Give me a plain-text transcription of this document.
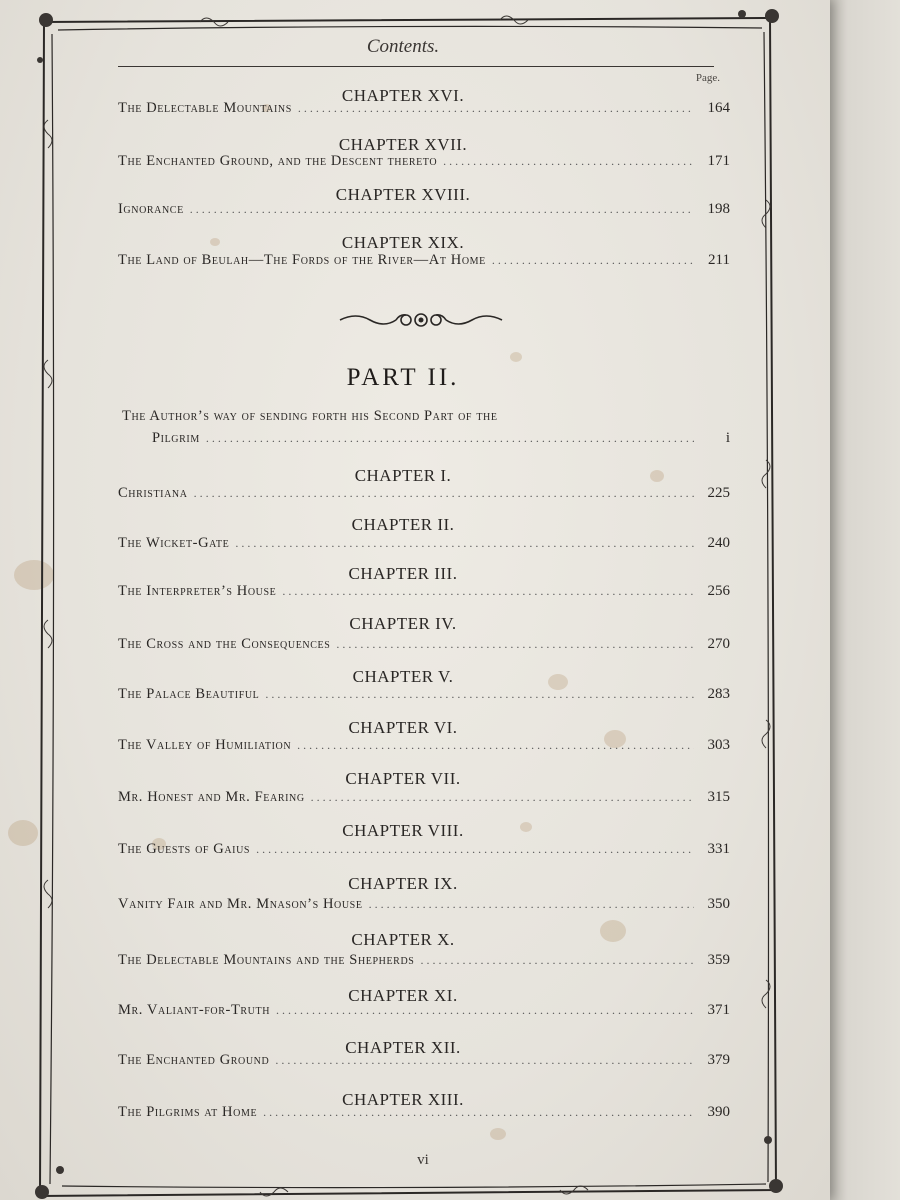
Contents.
Page.
CHAPTER XVI.
The Delectable Mountains . . .	164
CHAPTER XVII.
The Enchanted Ground, and the Descent thereto . . .	171
CHAPTER XVIII.
Ignorance . . .	198
CHAPTER XIX.
The Land of Beulah—The Fords of the River—At Home . . .	211
PART II.
The Author’s way of sending forth his Second Part of the
Pilgrim . . .	i
CHAPTER I.
Christiana . . .	225
CHAPTER II.
The Wicket-Gate . . .	240
CHAPTER III.
The Interpreter’s House . . .	256
CHAPTER IV.
The Cross and the Consequences . . .	270
CHAPTER V.
The Palace Beautiful . . .	283
CHAPTER VI.
The Valley of Humiliation . . .	303
CHAPTER VII.
Mr. Honest and Mr. Fearing . . .	315
CHAPTER VIII.
The Guests of Gaius . . .	331
CHAPTER IX.
Vanity Fair and Mr. Mnason’s House . . .	350
CHAPTER X.
The Delectable Mountains and the Shepherds . . .	359
CHAPTER XI.
Mr. Valiant-for-Truth . . .	371
CHAPTER XII.
The Enchanted Ground . . .	379
CHAPTER XIII.
The Pilgrims at Home . . .	390
vi
